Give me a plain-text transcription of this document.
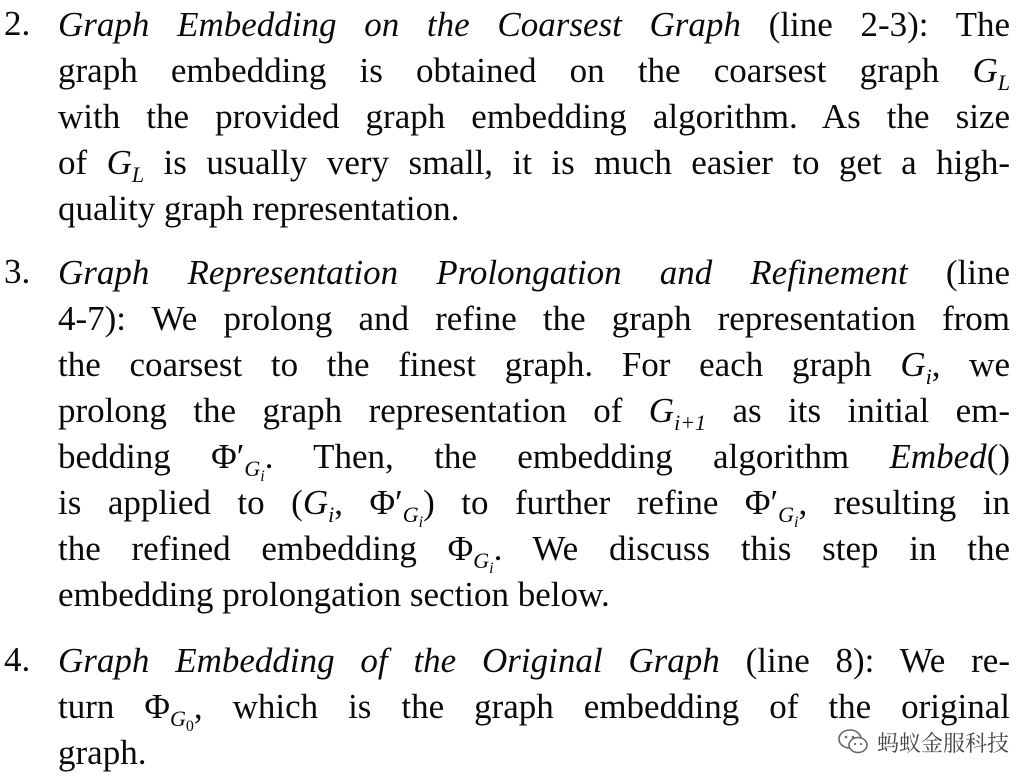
2. Graph Embedding on the Coarsest Graph (line 2-3): The
graph embedding is obtained on the coarsest graph $G_L$
with the provided graph embedding algorithm. As the size
of $G_L$ is usually very small, it is much easier to get a high-
quality graph representation.
3. Graph Representation Prolongation and Refinement (line
4-7): We prolong and refine the graph representation from
the coarsest to the finest graph. For each graph $G_i$, we
prolong the graph representation of $G_{i+1}$ as its initial em-
bedding $\Phi'_{G_i}$. Then, the embedding algorithm Embed()
is applied to ($G_i$, $\Phi'_{G_i}$) to further refine $\Phi'_{G_i}$, resulting in
the refined embedding $\Phi_{G_i}$. We discuss this step in the
embedding prolongation section below.
4. Graph Embedding of the Original Graph (line 8): We re-
turn $\Phi_{G_0}$, which is the graph embedding of the original
graph.	蚂蚁金服科技
